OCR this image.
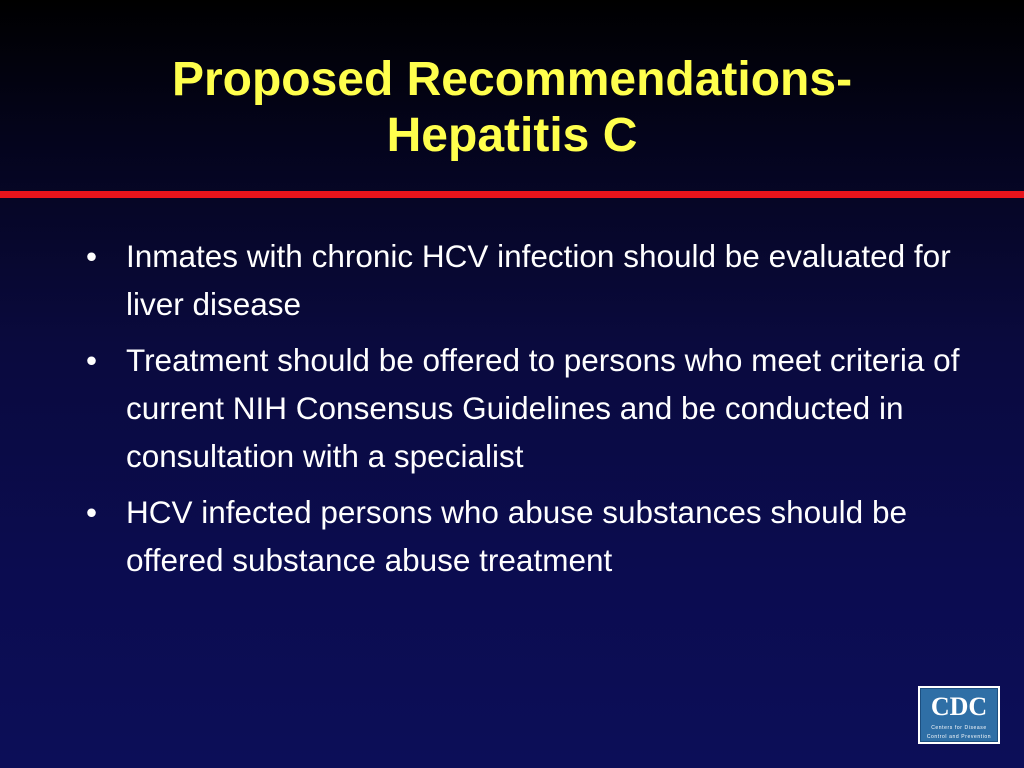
Proposed Recommendations-
Hepatitis C
• Inmates with chronic HCV infection should be evaluated for liver disease
• Treatment should be offered to persons who meet criteria of current NIH Consensus Guidelines and be conducted in consultation with a specialist
• HCV infected persons who abuse substances should be offered substance abuse treatment
CDC
Centers for Disease
Control and Prevention
